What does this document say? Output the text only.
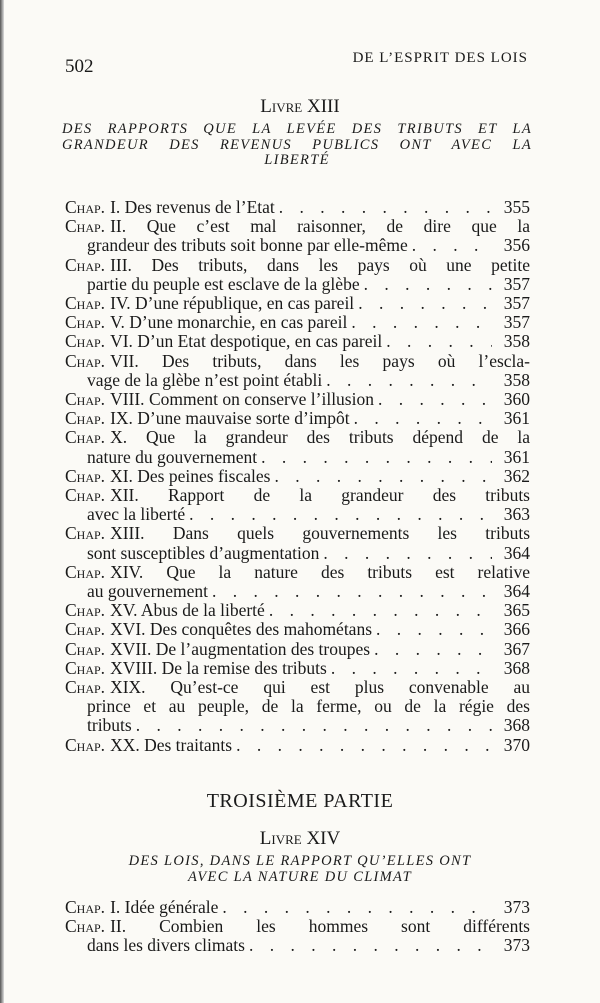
502	DE L’ESPRIT DES LOIS
Livre XIII
DES RAPPORTS QUE LA LEVÉE DES TRIBUTS ET LA
GRANDEUR DES REVENUS PUBLICS ONT AVEC LA
LIBERTÉ
Chap. I. Des revenus de l’Etat . . .	355
Chap. II. Que c’est mal raisonner, de dire que la
grandeur des tributs soit bonne par elle-même . . .	356
Chap. III. Des tributs, dans les pays où une petite
partie du peuple est esclave de la glèbe . . .	357
Chap. IV. D’une république, en cas pareil . . .	357
Chap. V. D’une monarchie, en cas pareil . . .	357
Chap. VI. D’un Etat despotique, en cas pareil . . .	358
Chap. VII. Des tributs, dans les pays où l’escla-
vage de la glèbe n’est point établi . . .	358
Chap. VIII. Comment on conserve l’illusion . . .	360
Chap. IX. D’une mauvaise sorte d’impôt . . .	361
Chap. X. Que la grandeur des tributs dépend de la
nature du gouvernement . . .	361
Chap. XI. Des peines fiscales . . .	362
Chap. XII. Rapport de la grandeur des tributs
avec la liberté . . .	363
Chap. XIII. Dans quels gouvernements les tributs
sont susceptibles d’augmentation . . .	364
Chap. XIV. Que la nature des tributs est relative
au gouvernement . . .	364
Chap. XV. Abus de la liberté . . .	365
Chap. XVI. Des conquêtes des mahométans . . .	366
Chap. XVII. De l’augmentation des troupes . . .	367
Chap. XVIII. De la remise des tributs . . .	368
Chap. XIX. Qu’est-ce qui est plus convenable au
prince et au peuple, de la ferme, ou de la régie des
tributs . . .	368
Chap. XX. Des traitants . . .	370
TROISIÈME PARTIE
Livre XIV
DES LOIS, DANS LE RAPPORT QU’ELLES ONT
AVEC LA NATURE DU CLIMAT
Chap. I. Idée générale . . .	373
Chap. II. Combien les hommes sont différents
dans les divers climats . . .	373
